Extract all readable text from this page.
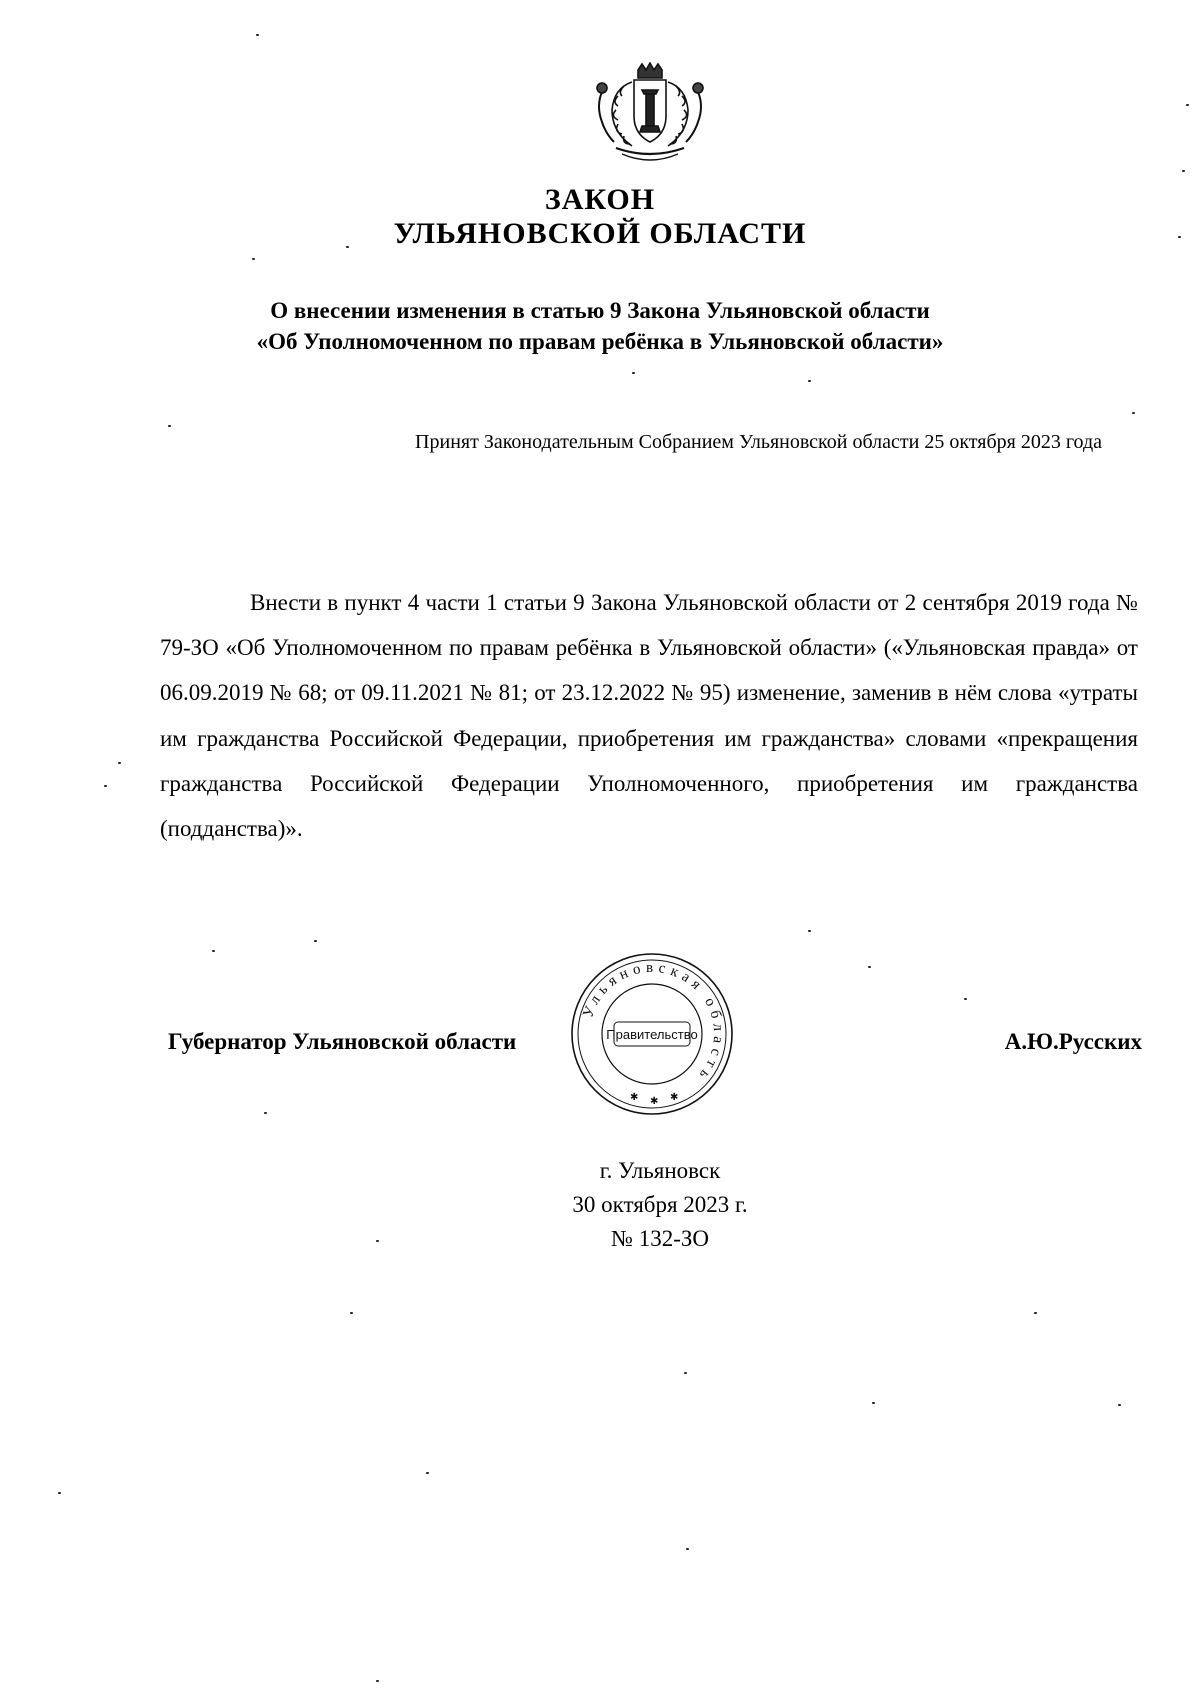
ЗАКОН
УЛЬЯНОВСКОЙ ОБЛАСТИ
О внесении изменения в статью 9 Закона Ульяновской области
«Об Уполномоченном по правам ребёнка в Ульяновской области»
Принят Законодательным Собранием Ульяновской области 25 октября 2023 года

Внести в пункт 4 части 1 статьи 9 Закона Ульяновской области от 2 сентября 2019 года № 79-ЗО «Об Уполномоченном по правам ребёнка в Ульяновской области» («Ульяновская правда» от 06.09.2019 № 68; от 09.11.2021 № 81; от 23.12.2022 № 95) изменение, заменив в нём слова «утраты им гражданства Российской Федерации, приобретения им гражданства» словами «прекращения гражданства Российской Федерации Уполномоченного, приобретения им гражданства (подданства)».

Губернатор Ульяновской области	А.Ю.Русских
Ульяновская область
Правительство
✱ ✱ ✱
г. Ульяновск
30 октября 2023 г.
№ 132-ЗО
